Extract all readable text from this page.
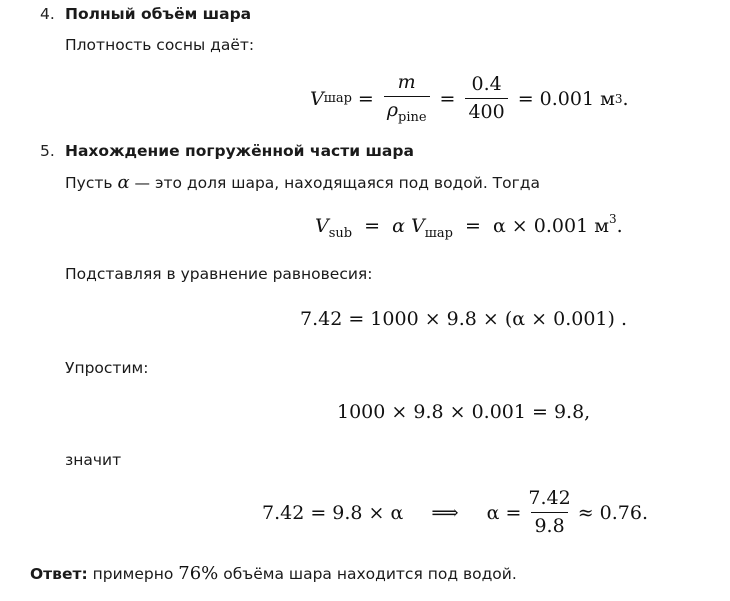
4. Полный объём шара
Плотность сосны даёт:
V шар = $\frac{m}{\rho_{pine}} = \frac{0.4}{400} = 0.001$
м 3 .
5. Нахождение погружённой части шара
Пусть α — это доля шара, находящаяся под водой. Тогда
$V_{sub} = \alpha$ $V_{шар} = \alpha \times 0.001$ $м^3$.
Подставляя в уравнение равновесия:
7.42 = 1000 × 9.8 × (α × 0.001) .
Упростим:
1000 × 9.8 × 0.001 = 9.8,
значит
7.42 = 9.8 × α ⟹ $\alpha = \frac{7.42}{9.8} \approx 0.76$.
Ответ: примерно 76% объёма шара находится под водой.
